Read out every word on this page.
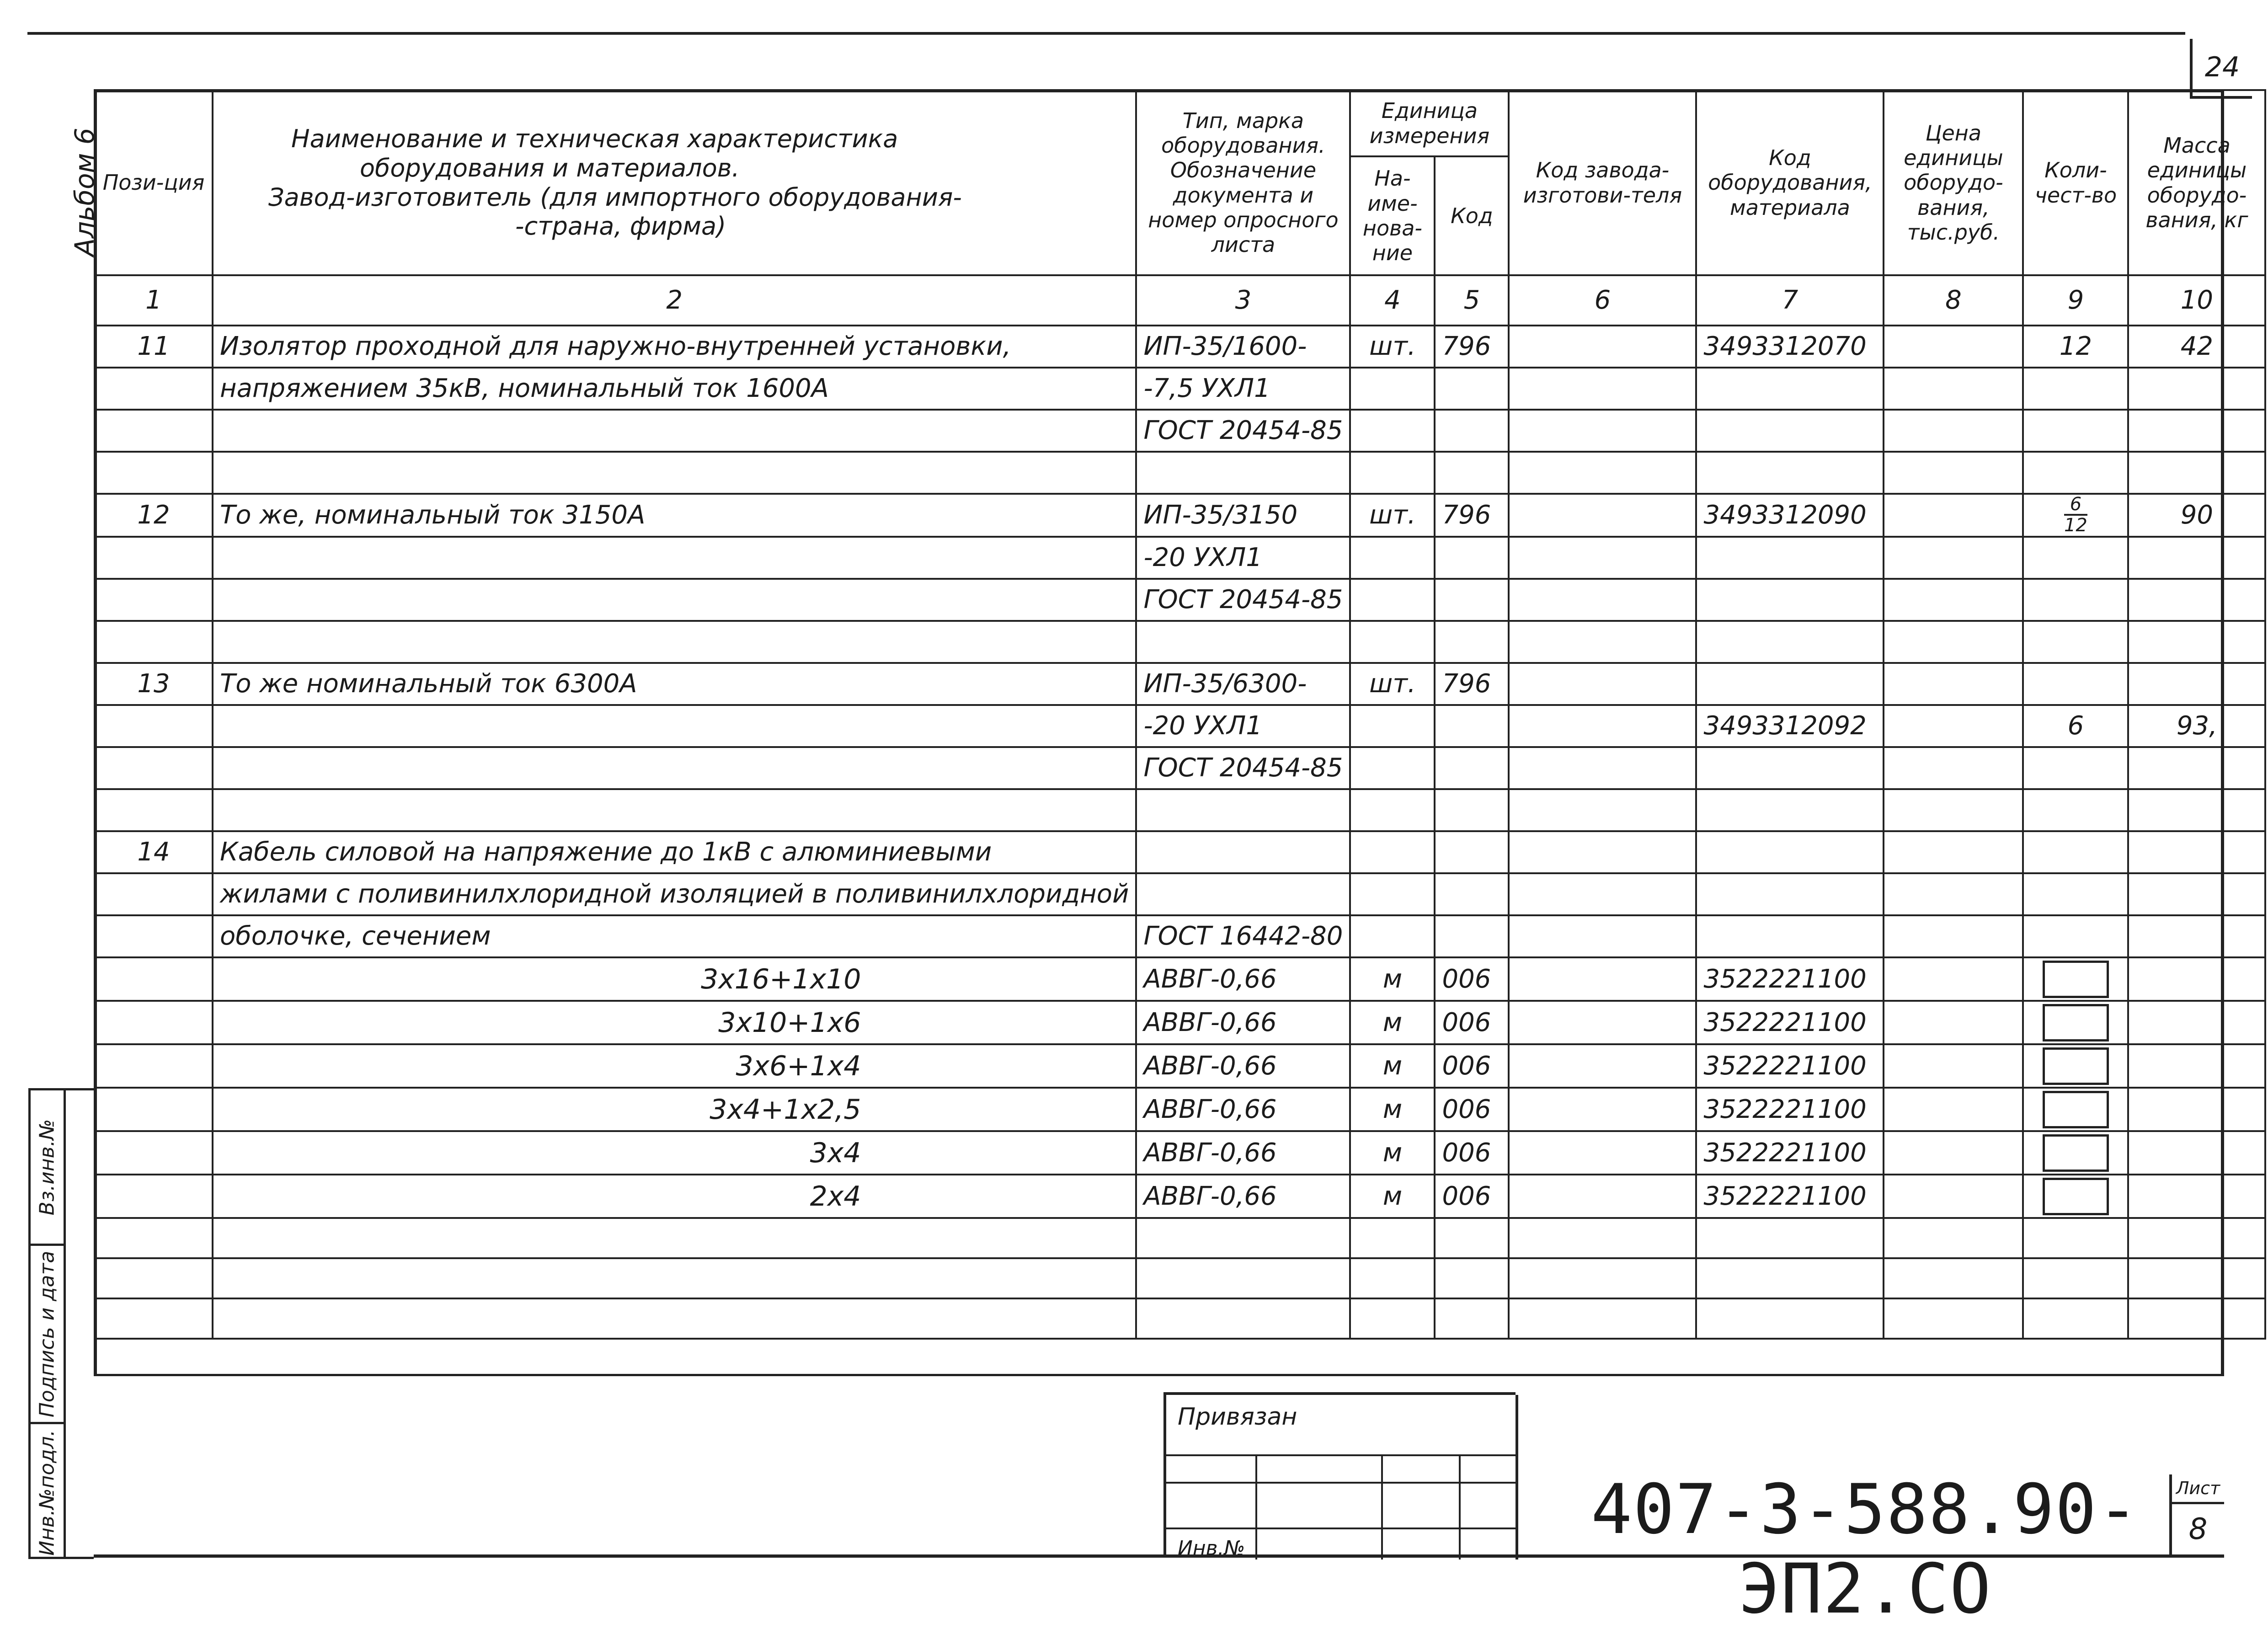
24
Альбом 6 Пози-ция	Наименование и техническая характеристика
оборудования и материалов.
Завод-изготовитель (для импортного оборудования-
-страна, фирма)	Тип, марка оборудования. Обозначение документа и номер опросного листа	Единица измерения		Код завода-изготови-теля	Код оборудования, материала	Цена единицы оборудо-вания, тыс.руб.	Коли-чест-во	Масса единицы оборудо-вания, кг
			На-име-нова-ние	Код					
1	2	3	4	5	6	7	8	9	10
11	Изолятор проходной для наружно-внутренней установки,	ИП-35/1600-	шт.	796		3493312070		12	42
	напряжением 35кВ, номинальный ток 1600А	-7,5 УХЛ1							
		ГОСТ 20454-85							

12	То же, номинальный ток 3150А	ИП-35/3150	шт.	796		3493312090		$\frac{6}{12}$	90
		-20 УХЛ1							
		ГОСТ 20454-85							

13	То же номинальный ток 6300А	ИП-35/6300-	шт.	796					
		-20 УХЛ1				3493312092		6	93,
		ГОСТ 20454-85							

14	Кабель силовой на напряжение до 1кВ с алюминиевыми								
	жилами с поливинилхлоридной изоляцией в поливинилхлоридной								
	оболочке, сечением	ГОСТ 16442-80							
	3x16+1x10	АВВГ-0,66	м	006		3522221100			
	3x10+1x6	АВВГ-0,66	м	006		3522221100			
	3x6+1x4	АВВГ-0,66	м	006		3522221100			
	3x4+1x2,5	АВВГ-0,66	м	006		3522221100			
	3x4	АВВГ-0,66	м	006		3522221100			
	2x4	АВВГ-0,66	м	006		3522221100			

Вз.инв.№
Подпись и дата
Инв.№подл.
Привязан
Инв.№	407-3-588.90-ЭП2.СО
Лист
8
